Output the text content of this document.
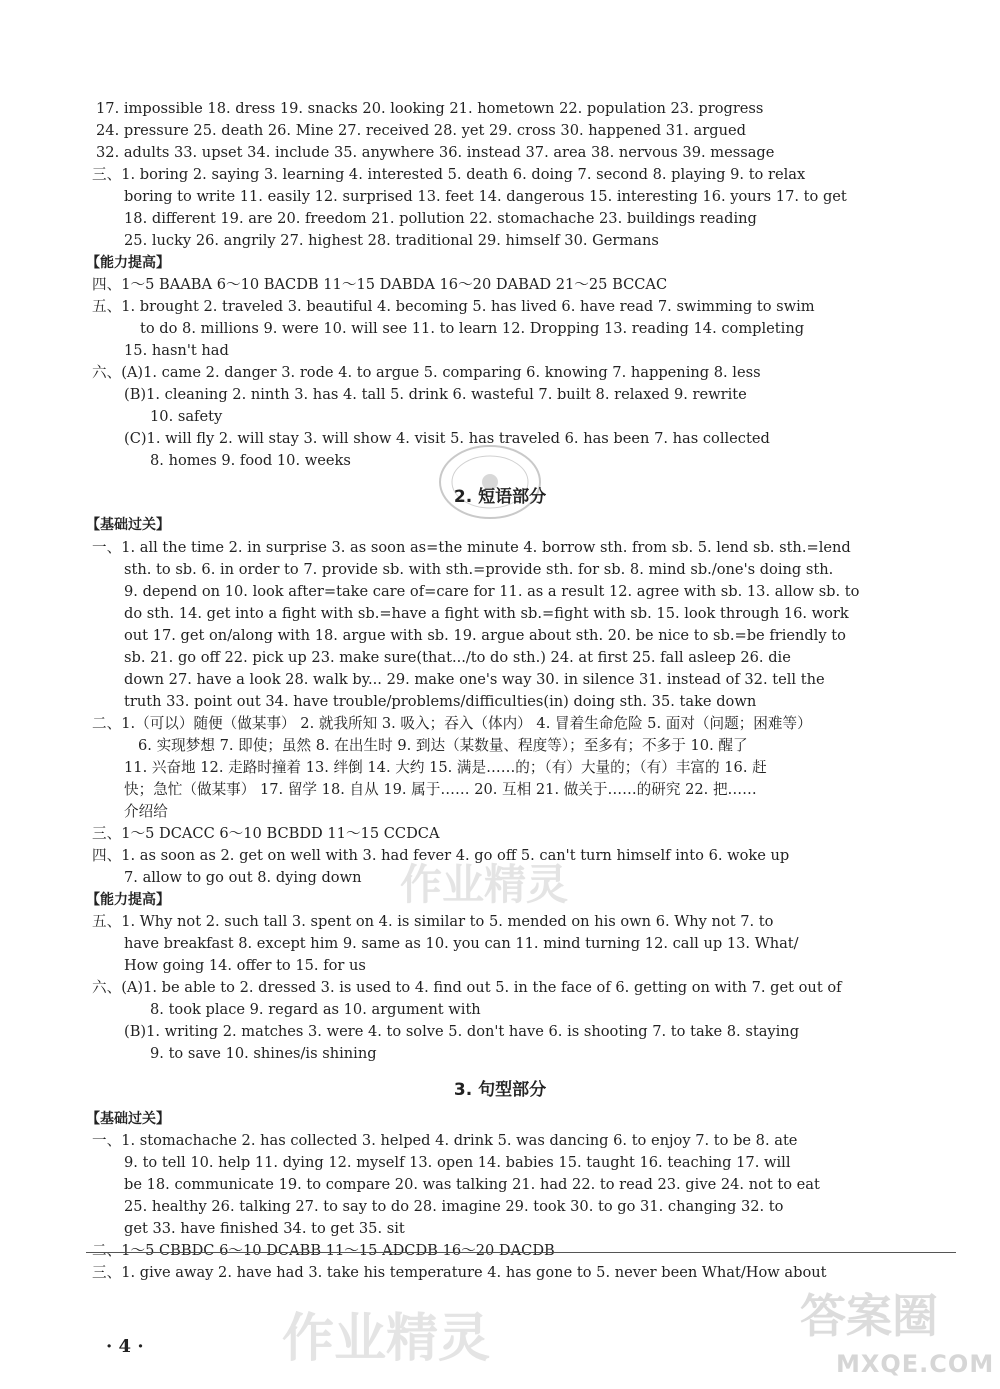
17. impossible 18. dress 19. snacks 20. looking 21. hometown 22. population 23. progress
24. pressure 25. death 26. Mine 27. received 28. yet 29. cross 30. happened 31. argued
32. adults 33. upset 34. include 35. anywhere 36. instead 37. area 38. nervous 39. message
三、1. boring 2. saying 3. learning 4. interested 5. death 6. doing 7. second 8. playing 9. to relax
boring to write 11. easily 12. surprised 13. feet 14. dangerous 15. interesting 16. yours 17. to get
18. different 19. are 20. freedom 21. pollution 22. stomachache 23. buildings reading
25. lucky 26. angrily 27. highest 28. traditional 29. himself 30. Germans
【能力提高】
四、1～5 BAABA 6～10 BACDB 11～15 DABDA 16～20 DABAD 21～25 BCCAC
五、1. brought 2. traveled 3. beautiful 4. becoming 5. has lived 6. have read 7. swimming to swim
to do 8. millions 9. were 10. will see 11. to learn 12. Dropping 13. reading 14. completing
15. hasn't had
六、(A)1. came 2. danger 3. rode 4. to argue 5. comparing 6. knowing 7. happening 8. less
(B)1. cleaning 2. ninth 3. has 4. tall 5. drink 6. wasteful 7. built 8. relaxed 9. rewrite
10. safety
(C)1. will fly 2. will stay 3. will show 4. visit 5. has traveled 6. has been 7. has collected
8. homes 9. food 10. weeks
2. 短语部分
【基础过关】
一、1. all the time 2. in surprise 3. as soon as=the minute 4. borrow sth. from sb. 5. lend sb. sth.=lend
sth. to sb. 6. in order to 7. provide sb. with sth.=provide sth. for sb. 8. mind sb./one's doing sth.
9. depend on 10. look after=take care of=care for 11. as a result 12. agree with sb. 13. allow sb. to
do sth. 14. get into a fight with sb.=have a fight with sb.=fight with sb. 15. look through 16. work
out 17. get on/along with 18. argue with sb. 19. argue about sth. 20. be nice to sb.=be friendly to
sb. 21. go off 22. pick up 23. make sure(that.../to do sth.) 24. at first 25. fall asleep 26. die
down 27. have a look 28. walk by... 29. make one's way 30. in silence 31. instead of 32. tell the
truth 33. point out 34. have trouble/problems/difficulties(in) doing sth. 35. take down
二、1.（可以）随便（做某事） 2. 就我所知 3. 吸入；吞入（体内） 4. 冒着生命危险 5. 面对（问题；困难等）
6. 实现梦想 7. 即使；虽然 8. 在出生时 9. 到达（某数量、程度等）；至多有；不多于 10. 醒了
11. 兴奋地 12. 走路时撞着 13. 绊倒 14. 大约 15. 满是……的；（有）大量的；（有）丰富的 16. 赶
快；急忙（做某事） 17. 留学 18. 自从 19. 属于…… 20. 互相 21. 做关于……的研究 22. 把……
介绍给
三、1～5 DCACC 6～10 BCBDD 11～15 CCDCA
四、1. as soon as 2. get on well with 3. had fever 4. go off 5. can't turn himself into 6. woke up
7. allow to go out 8. dying down
【能力提高】
五、1. Why not 2. such tall 3. spent on 4. is similar to 5. mended on his own 6. Why not 7. to
have breakfast 8. except him 9. same as 10. you can 11. mind turning 12. call up 13. What/
How going 14. offer to 15. for us
六、(A)1. be able to 2. dressed 3. is used to 4. find out 5. in the face of 6. getting on with 7. get out of
8. took place 9. regard as 10. argument with
(B)1. writing 2. matches 3. were 4. to solve 5. don't have 6. is shooting 7. to take 8. staying
9. to save 10. shines/is shining
3. 句型部分
【基础过关】
一、1. stomachache 2. has collected 3. helped 4. drink 5. was dancing 6. to enjoy 7. to be 8. ate
9. to tell 10. help 11. dying 12. myself 13. open 14. babies 15. taught 16. teaching 17. will
be 18. communicate 19. to compare 20. was talking 21. had 22. to read 23. give 24. not to eat
25. healthy 26. talking 27. to say to do 28. imagine 29. took 30. to go 31. changing 32. to
get 33. have finished 34. to get 35. sit
二、1～5 CBBDC 6～10 DCABB 11～15 ADCDB 16～20 DACDB
三、1. give away 2. have had 3. take his temperature 4. has gone to 5. never been What/How about
作业精灵
作业精灵
· 4 ·
答案圈
MXQE.COM
